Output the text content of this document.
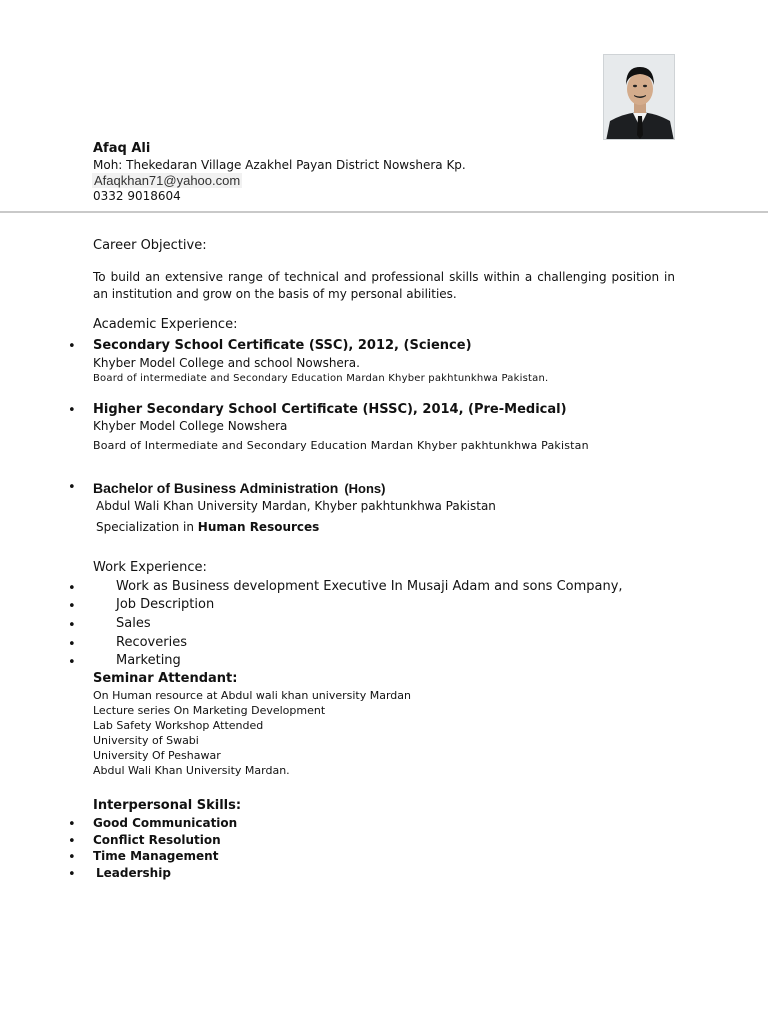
Afaq Ali
Moh: Thekedaran Village Azakhel Payan District Nowshera Kp.
Afaqkhan71@yahoo.com
0332 9018604
Career Objective:
To build an extensive range of technical and professional skills within a challenging position in an institution and grow on the basis of my personal abilities.
Academic Experience:
• Secondary School Certificate (SSC), 2012, (Science)
Khyber Model College and school Nowshera.
Board of intermediate and Secondary Education Mardan Khyber pakhtunkhwa Pakistan.
• Higher Secondary School Certificate (HSSC), 2014, (Pre-Medical)
Khyber Model College Nowshera
Board of Intermediate and Secondary Education Mardan Khyber pakhtunkhwa Pakistan
• Bachelor of Business Administration (Hons)
Abdul Wali Khan University Mardan, Khyber pakhtunkhwa Pakistan
Specialization in Human Resources
Work Experience:
•	Work as Business development Executive In Musaji Adam and sons Company,
•	Job Description
•	Sales
•	Recoveries
•	Marketing
Seminar Attendant:
On Human resource at Abdul wali khan university Mardan
Lecture series On Marketing Development
Lab Safety Workshop Attended
University of Swabi
University Of Peshawar
Abdul Wali Khan University Mardan.
Interpersonal Skills:
• Good Communication
• Conflict Resolution
• Time Management
• Leadership
